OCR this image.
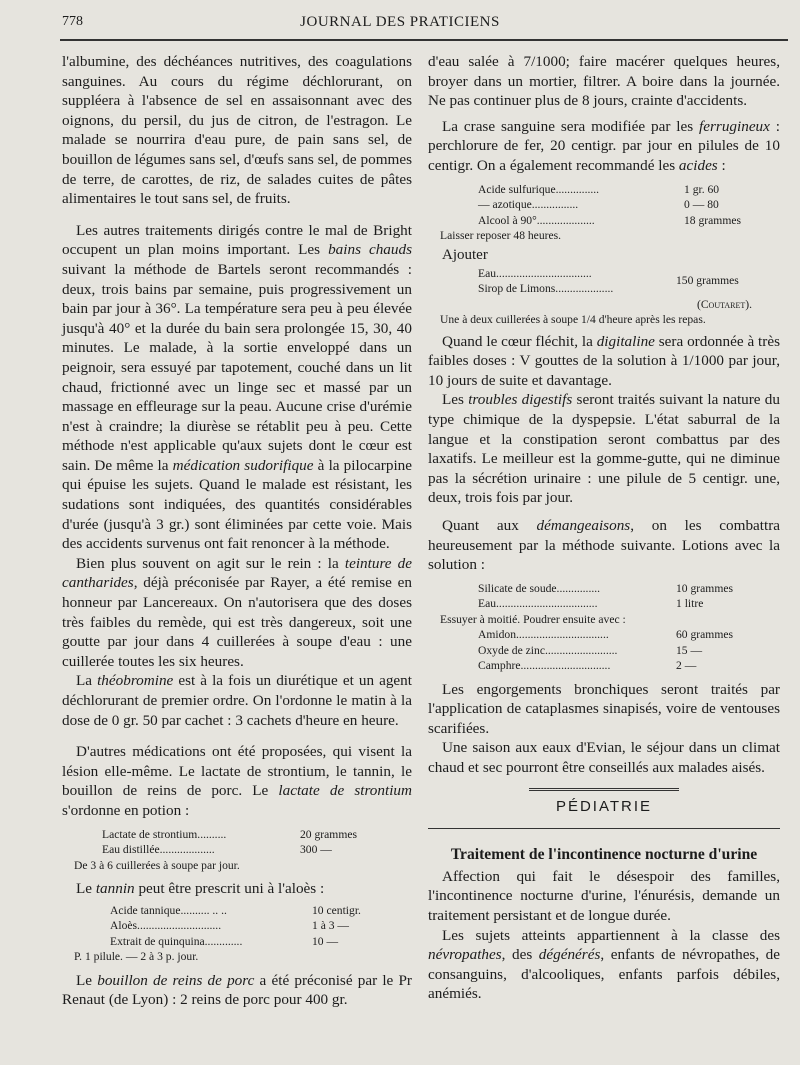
778	JOURNAL DES PRATICIENS

l'albumine, des déchéances nutritives, des coagulations sanguines. Au cours du régime déchlorurant, on suppléera à l'absence de sel en assaisonnant avec des oignons, du persil, du jus de citron, de l'estragon. Le malade se nourrira d'eau pure, de pain sans sel, de bouillon de légumes sans sel, d'œufs sans sel, de pommes de terre, de carottes, de riz, de salades cuites de pâtes alimentaires le tout sans sel, de fruits.

Les autres traitements dirigés contre le mal de Bright occupent un plan moins important. Les bains chauds suivant la méthode de Bartels seront recommandés : deux, trois bains par semaine, puis progressivement un bain par jour à 36°. La température sera peu à peu élevée jusqu'à 40° et la durée du bain sera prolongée 15, 30, 40 minutes. Le malade, à la sortie enveloppé dans un peignoir, sera essuyé par tapotement, couché dans un lit chaud, frictionné avec un linge sec et massé par un massage en effleurage sur la peau. Aucune crise d'urémie n'est à craindre; la diurèse se rétablit peu à peu. Cette méthode n'est applicable qu'aux sujets dont le cœur est sain. De même la médication sudorifique à la pilocarpine qui épuise les sujets. Quand le malade est résistant, les sudations sont indiquées, des quantités considérables d'urée (jusqu'à 3 gr.) sont éliminées par cette voie. Mais des accidents survenus ont fait renoncer à la méthode.

Bien plus souvent on agit sur le rein : la teinture de cantharides, déjà préconisée par Rayer, a été remise en honneur par Lancereaux. On n'autorisera que des doses très faibles du remède, qui est très dangereux, soit une goutte par jour dans 4 cuillerées à soupe d'eau : une cuillerée toutes les six heures.

La théobromine est à la fois un diurétique et un agent déchlorurant de premier ordre. On l'ordonne le matin à la dose de 0 gr. 50 par cachet : 3 cachets d'heure en heure.

D'autres médications ont été proposées, qui visent la lésion elle-même. Le lactate de strontium, le tannin, le bouillon de reins de porc. Le lactate de strontium s'ordonne en potion :

Lactate de strontium..........	20 grammes
Eau distillée...................	300 —
De 3 à 6 cuillerées à soupe par jour.

Le tannin peut être prescrit uni à l'aloès :

Acide tannique.......... .. ..	10 centigr.
Aloès.............................	1 à 3 —
Extrait de quinquina.............	10 —
P. 1 pilule. — 2 à 3 p. jour.

Le bouillon de reins de porc a été préconisé par le Pr Renaut (de Lyon) : 2 reins de porc pour 400 gr.

d'eau salée à 7/1000; faire macérer quelques heures, broyer dans un mortier, filtrer. A boire dans la journée. Ne pas continuer plus de 8 jours, crainte d'accidents.

La crase sanguine sera modifiée par les ferrugineux : perchlorure de fer, 20 centigr. par jour en pilules de 10 centigr. On a également recommandé les acides :

Acide sulfurique...............	1 gr. 60
— azotique................	0 — 80
Alcool à 90°....................	18 grammes
Laisser reposer 48 heures.
Ajouter
Eau.................................	150 grammes
Sirop de Limons....................
(Coutaret).
Une à deux cuillerées à soupe 1/4 d'heure après les repas.

Quand le cœur fléchit, la digitaline sera ordonnée à très faibles doses : V gouttes de la solution à 1/1000 par jour, 10 jours de suite et davantage.

Les troubles digestifs seront traités suivant la nature du type chimique de la dyspepsie. L'état saburral de la langue et la constipation seront combattus par des laxatifs. Le meilleur est la gomme-gutte, qui ne diminue pas la sécrétion urinaire : une pilule de 5 centigr. une, deux, trois fois par jour.

Quant aux démangeaisons, on les combattra heureusement par la méthode suivante. Lotions avec la solution :

Silicate de soude...............	10 grammes
Eau...................................	1 litre
Essuyer à moitié. Poudrer ensuite avec :
Amidon................................	60 grammes
Oxyde de zinc.........................	15 —
Camphre...............................	2 —

Les engorgements bronchiques seront traités par l'application de cataplasmes sinapisés, voire de ventouses scarifiées.

Une saison aux eaux d'Evian, le séjour dans un climat chaud et sec pourront être conseillés aux malades aisés.

PÉDIATRIE
Traitement de l'incontinence nocturne d'urine

Affection qui fait le désespoir des familles, l'incontinence nocturne d'urine, l'énurésis, demande un traitement persistant et de longue durée.

Les sujets atteints appartiennent à la classe des névropathes, des dégénérés, enfants de névropathes, de consanguins, d'alcooliques, enfants parfois débiles, anémiés.
